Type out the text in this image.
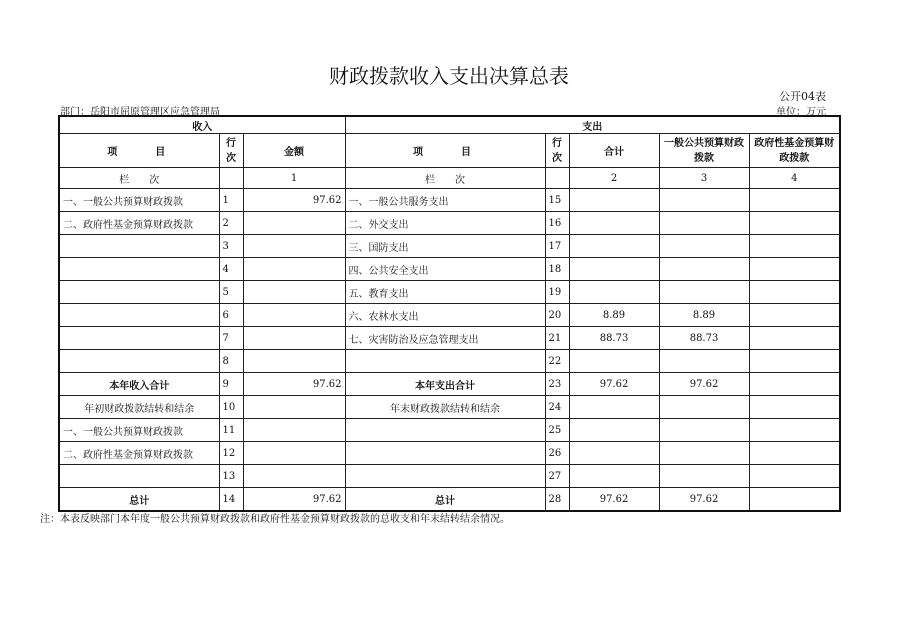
财政拨款收入支出决算总表
公开04表
部门：岳阳市屈原管理区应急管理局	单位：万元
收入			支出				
项　　目	行次	金额	项　　目	行次	合计	一般公共预算财政拨款	政府性基金预算财政拨款
栏　　次		1	栏　　次		2	3	4
一、一般公共预算财政拨款	1	97.62	一、一般公共服务支出	15			
二、政府性基金预算财政拨款	2		二、外交支出	16			
	3		三、国防支出	17			
	4		四、公共安全支出	18			
	5		五、教育支出	19			
	6		六、农林水支出	20	8.89	8.89	
	7		七、灾害防治及应急管理支出	21	88.73	88.73	
	8			22			
本年收入合计	9	97.62	本年支出合计	23	97.62	97.62	
年初财政拨款结转和结余	10		年末财政拨款结转和结余	24			
一、一般公共预算财政拨款	11			25			
二、政府性基金预算财政拨款	12			26			
	13			27			
总计	14	97.62	总计	28	97.62	97.62	
注：本表反映部门本年度一般公共预算财政拨款和政府性基金预算财政拨款的总收支和年末结转结余情况。
